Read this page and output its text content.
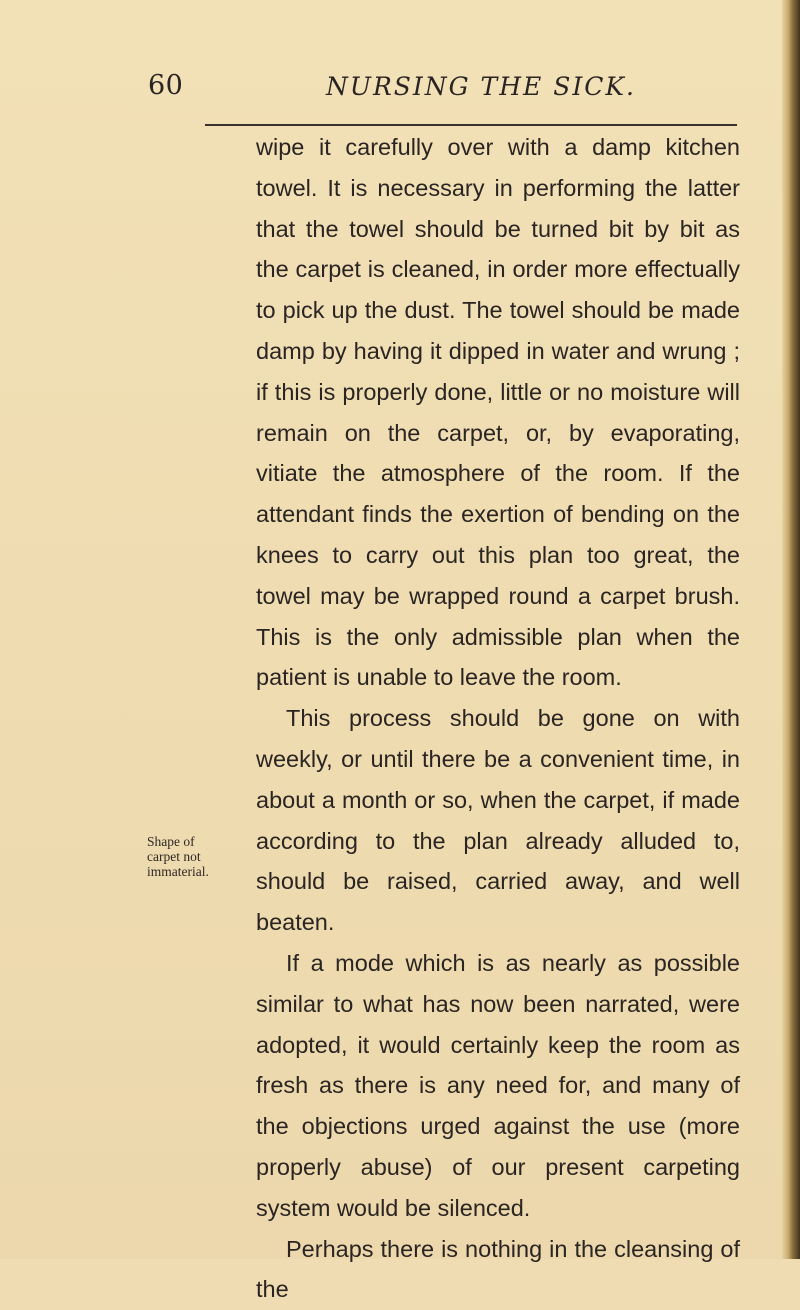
60	NURSING THE SICK.
Shape of
carpet not
immaterial.

wipe it carefully over with a damp kitchen towel. It is necessary in performing the latter that the towel should be turned bit by bit as the carpet is cleaned, in order more effectually to pick up the dust. The towel should be made damp by having it dipped in water and wrung ; if this is properly done, little or no moisture will remain on the carpet, or, by evaporating, vitiate the atmosphere of the room. If the attendant finds the exertion of bending on the knees to carry out this plan too great, the towel may be wrapped round a carpet brush. This is the only admissible plan when the patient is unable to leave the room.

This process should be gone on with weekly, or until there be a convenient time, in about a month or so, when the carpet, if made according to the plan already alluded to, should be raised, carried away, and well beaten.

If a mode which is as nearly as possible similar to what has now been narrated, were adopted, it would certainly keep the room as fresh as there is any need for, and many of the objections urged against the use (more properly abuse) of our present carpeting system would be silenced.

Perhaps there is nothing in the cleansing of the
